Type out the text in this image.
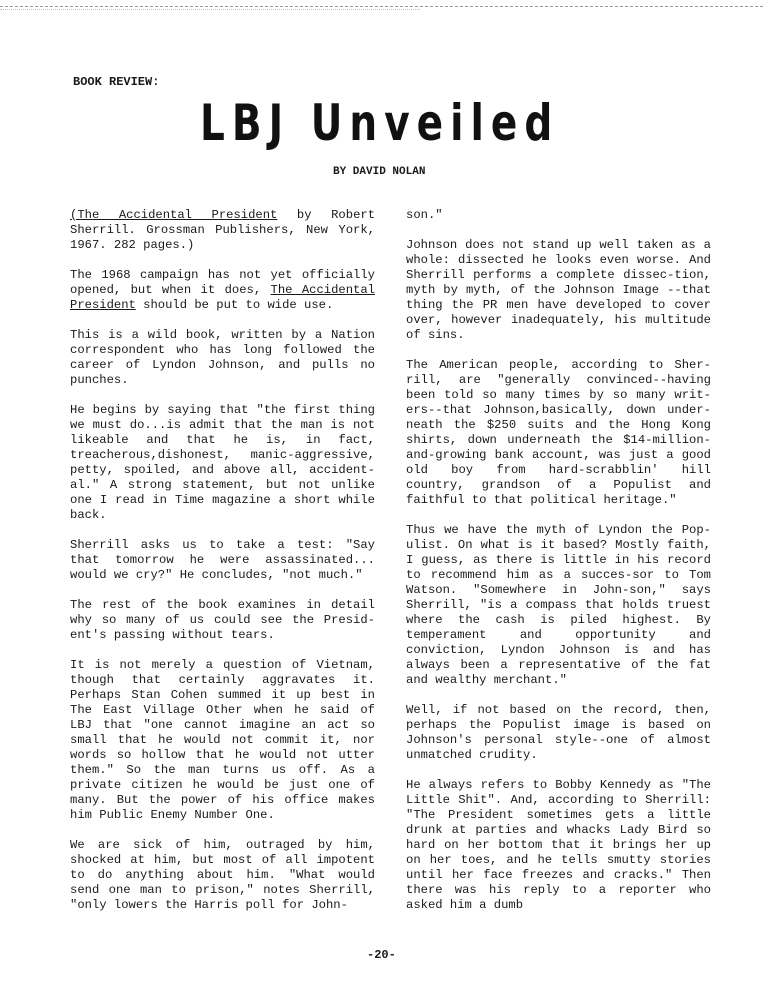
BOOK REVIEW:
LBJ Unveiled
BY DAVID NOLAN

(The Accidental President by Robert Sherrill. Grossman Publishers, New York, 1967. 282 pages.)

The 1968 campaign has not yet officially opened, but when it does, The Accidental President should be put to wide use.

This is a wild book, written by a Nation correspondent who has long followed the career of Lyndon Johnson, and pulls no punches.

He begins by saying that "the first thing we must do...is admit that the man is not likeable and that he is, in fact, treacherous,dishonest, manic-aggressive, petty, spoiled, and above all, accident-al." A strong statement, but not unlike one I read in Time magazine a short while back.

Sherrill asks us to take a test: "Say that tomorrow he were assassinated... would we cry?" He concludes, "not much."

The rest of the book examines in detail why so many of us could see the Presid-ent's passing without tears.

It is not merely a question of Vietnam, though that certainly aggravates it. Perhaps Stan Cohen summed it up best in The East Village Other when he said of LBJ that "one cannot imagine an act so small that he would not commit it, nor words so hollow that he would not utter them." So the man turns us off. As a private citizen he would be just one of many. But the power of his office makes him Public Enemy Number One.

We are sick of him, outraged by him, shocked at him, but most of all impotent to do anything about him. "What would send one man to prison," notes Sherrill, "only lowers the Harris poll for John-

son."

Johnson does not stand up well taken as a whole: dissected he looks even worse. And Sherrill performs a complete dissec-tion, myth by myth, of the Johnson Image --that thing the PR men have developed to cover over, however inadequately, his multitude of sins.

The American people, according to Sher-rill, are "generally convinced--having been told so many times by so many writ-ers--that Johnson,basically, down under-neath the $250 suits and the Hong Kong shirts, down underneath the $14-million-and-growing bank account, was just a good old boy from hard-scrabblin' hill country, grandson of a Populist and faithful to that political heritage."

Thus we have the myth of Lyndon the Pop-ulist. On what is it based? Mostly faith, I guess, as there is little in his record to recommend him as a succes-sor to Tom Watson. "Somewhere in John-son," says Sherrill, "is a compass that holds truest where the cash is piled highest. By temperament and opportunity and conviction, Lyndon Johnson is and has always been a representative of the fat and wealthy merchant."

Well, if not based on the record, then, perhaps the Populist image is based on Johnson's personal style--one of almost unmatched crudity.

He always refers to Bobby Kennedy as "The Little Shit". And, according to Sherrill: "The President sometimes gets a little drunk at parties and whacks Lady Bird so hard on her bottom that it brings her up on her toes, and he tells smutty stories until her face freezes and cracks." Then there was his reply to a reporter who asked him a dumb

-20-
